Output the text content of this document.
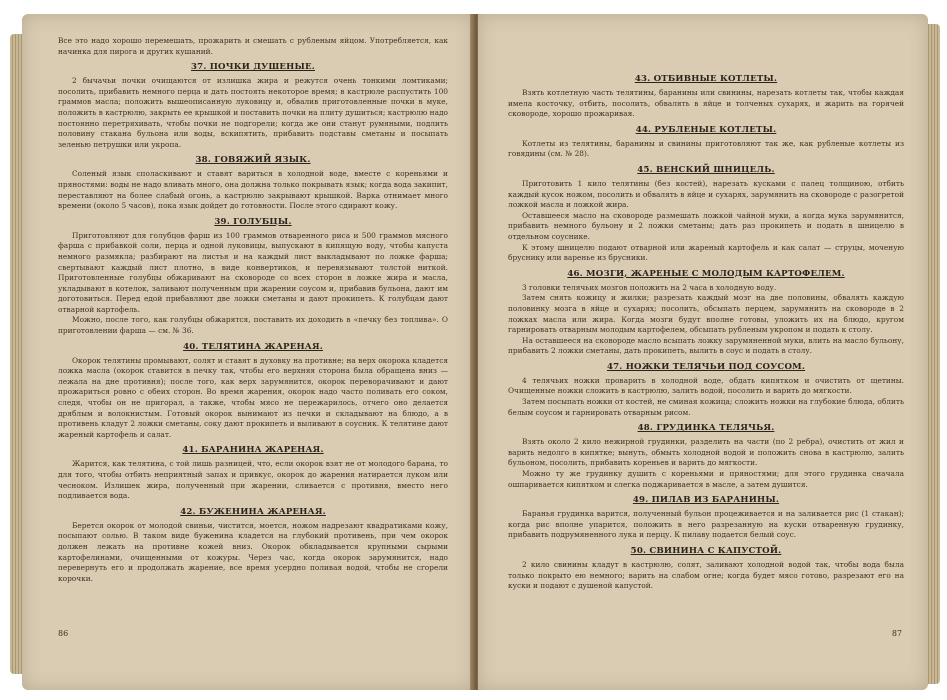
Все это надо хорошо перемешать, прожарить и смешать с рубленым яйцом. Употребляется, как начинка для пирога и других кушаний.

37. ПОЧКИ ДУШЕНЫЕ.

2 бычачьи почки очищаются от излишка жира и режутся очень тонкими ломтиками; посолить, прибавить немного перца и дать постоять некоторое время; в кастрюле распустить 100 граммов масла; положить вышеописанную луковицу и, обвалив приготовленные почки в муке, положить в кастрюлю, закрыть ее крышкой и поставить почки на плиту душиться; кастрюлю надо постоянно перетряхивать, чтобы почки не подгорели; когда же они станут румяными, подлить половину стакана бульона или воды, вскипятить, прибавить подставы сметаны и посыпать зеленью петрушки или укропа.

38. ГОВЯЖИЙ ЯЗЫК.

Соленый язык споласкивают и ставят вариться в холодной воде, вместе с кореньями и пряностями: воды не надо вливать много, она должна только покрывать язык; когда вода закипит, переставляют на более слабый огонь, а кастрюлю закрывают крышкой. Варка отнимает много времени (около 5 часов), пока язык дойдет до готовности. После этого сдирают кожу.

39. ГОЛУБЦЫ.

Приготовляют для голубцов фарш из 100 граммов отваренного риса и 500 граммов мясного фарша с прибавкой соли, перца и одной луковицы, выпускают в кипящую воду, чтобы капуста немного размякла; разбирают на листья и на каждый лист выкладывают по ложке фарша; свертывают каждый лист плотно, в виде конвертиков, и перевязывают толстой ниткой. Приготовленные голубцы обжаривают на сковороде со всех сторон в ложке жира и масла, укладывают в котелок, заливают полученным при жарении соусом и, прибавив бульона, дают им доготовиться. Перед едой прибавляют две ложки сметаны и дают прокипеть. К голубцам дают отварной картофель.

Можно, после того, как голубцы обжарятся, поставить их доходить в «печку без топлива». О приготовлении фарша — см. № 36.

40. ТЕЛЯТИНА ЖАРЕНАЯ.

Окорок телятины промывают, солят и ставят в духовку на противне; на верх окорока кладется ложка масла (окорок ставится в печку так, чтобы его верхняя сторона была обращена вниз — лежала на дне противня); после того, как верх зарумянится, окорок переворачивают и дают прожариться ровно с обеих сторон. Во время жарения, окорок надо часто поливать его соком, следя, чтобы он не пригорал, а также, чтобы мясо не пережарилось, отчего оно делается дряблым и волокнистым. Готовый окорок вынимают из печки и складывают на блюдо, а в противень кладут 2 ложки сметаны, соку дают прокипеть и выливают в соусник. К телятине дают жареный картофель и салат.

41. БАРАНИНА ЖАРЕНАЯ.

Жарится, как телятина, с той лишь разницей, что, если окорок взят не от молодого барана, то для того, чтобы отбить неприятный запах и привкус, окорок до жарения натирается луком или чесноком. Излишек жира, полученный при жарении, сливается с противня, вместо него подливается вода.

42. БУЖЕНИНА ЖАРЕНАЯ.

Берется окорок от молодой свиньи, чистится, моется, ножом надрезают квадратиками кожу, посыпают солью. В таком виде буженина кладется на глубокий противень, при чем окорок должен лежать на противне кожей вниз. Окорок обкладывается крупными сырыми картофелинами, очищенными от кожуры. Через час, когда окорок зарумянится, надо перевернуть его и продолжать жарение, все время усердно поливая водой, чтобы не сгорели корочки.

86
43. ОТБИВНЫЕ КОТЛЕТЫ.

Взять котлетную часть телятины, баранины или свинины, нарезать котлеты так, чтобы каждая имела косточку, отбить, посолить, обвалять в яйце и толченых сухарях, и жарить на горячей сковороде, хорошо прожаривая.

44. РУБЛЕНЫЕ КОТЛЕТЫ.

Котлеты из телятины, баранины и свинины приготовляют так же, как рубленые котлеты из говядины (см. № 28).

45. ВЕНСКИЙ ШНИЦЕЛЬ.

Приготовить 1 кило телятины (без костей), нарезать кусками с палец толщиною, отбить каждый кусок ножом, посолить и обвалять в яйце и сухарях, зарумянить на сковороде с разогретой ложкой масла и ложкой жира.

Оставшееся масло на сковороде размешать ложкой чайной муки, а когда мука зарумянится, прибавить немного бульону и 2 ложки сметаны; дать раз прокипеть и подать в шницелю в отдельном соуснике.

К этому шницелю подают отварной или жареный картофель и как салат — струцы, моченую бруснику или варенье из брусники.

46. МОЗГИ, ЖАРЕНЫЕ С МОЛОДЫМ КАРТОФЕЛЕМ.

3 головки телячьих мозгов положить на 2 часа в холодную воду.

Затем снять кожицу и жилки; разрезать каждый мозг на две половины, обвалять каждую половинку мозга в яйце и сухарях; посолить, обсыпать перцем, зарумянить на сковороде в 2 ложках масла или жира. Когда мозги будут вполне готовы, уложить их на блюдо, кругом гарнировать отварным молодым картофелем, обсыпать рубленым укропом и подать к столу.

На оставшееся на сковороде масло всыпать ложку зарумяненной муки, влить на масло бульону, прибавить 2 ложки сметаны, дать прокипеть, вылить в соус и подать в столу.

47. НОЖКИ ТЕЛЯЧЬИ ПОД СОУСОМ.

4 телячьих ножки проварить в холодной воде, обдать кипятком и очистить от щетины. Очищенные ножки сложить в кастрюлю, залить водой, посолить и варить до мягкости.

Затем посыпать ножки от костей, не сминая кожица; сложить ножки на глубокие блюда, облить белым соусом и гарнировать отварным рисом.

48. ГРУДИНКА ТЕЛЯЧЬЯ.

Взять около 2 кило нежирной грудинки, разделить на части (по 2 ребра), очистить от жил и варить недолго в кипятке; вынуть, обмыть холодной водой и положить снова в кастрюлю, залить бульоном, посолить, прибавить кореньев и варить до мягкости.

Можно ту же грудинку душить с кореньями и пряностями; для этого грудинка сначала ошпаривается кипятком и слегка поджаривается в масле, а затем душится.

49. ПИЛАВ ИЗ БАРАНИНЫ.

Баранья грудинка варится, полученный бульон процеживается и на заливается рис (1 стакан); когда рис вполне упарится, положить в него разрезанную на куски отваренную грудинку, прибавить подрумяненного лука и перцу. К пилаву подается белый соус.

50. СВИНИНА С КАПУСТОЙ.

2 кило свинины кладут в кастрюлю, солят, заливают холодной водой так, чтобы вода была только покрыто ею немного; варить на слабом огне; когда будет мясо готово, разрезают его на куски и подают с душеной капустой.

87
